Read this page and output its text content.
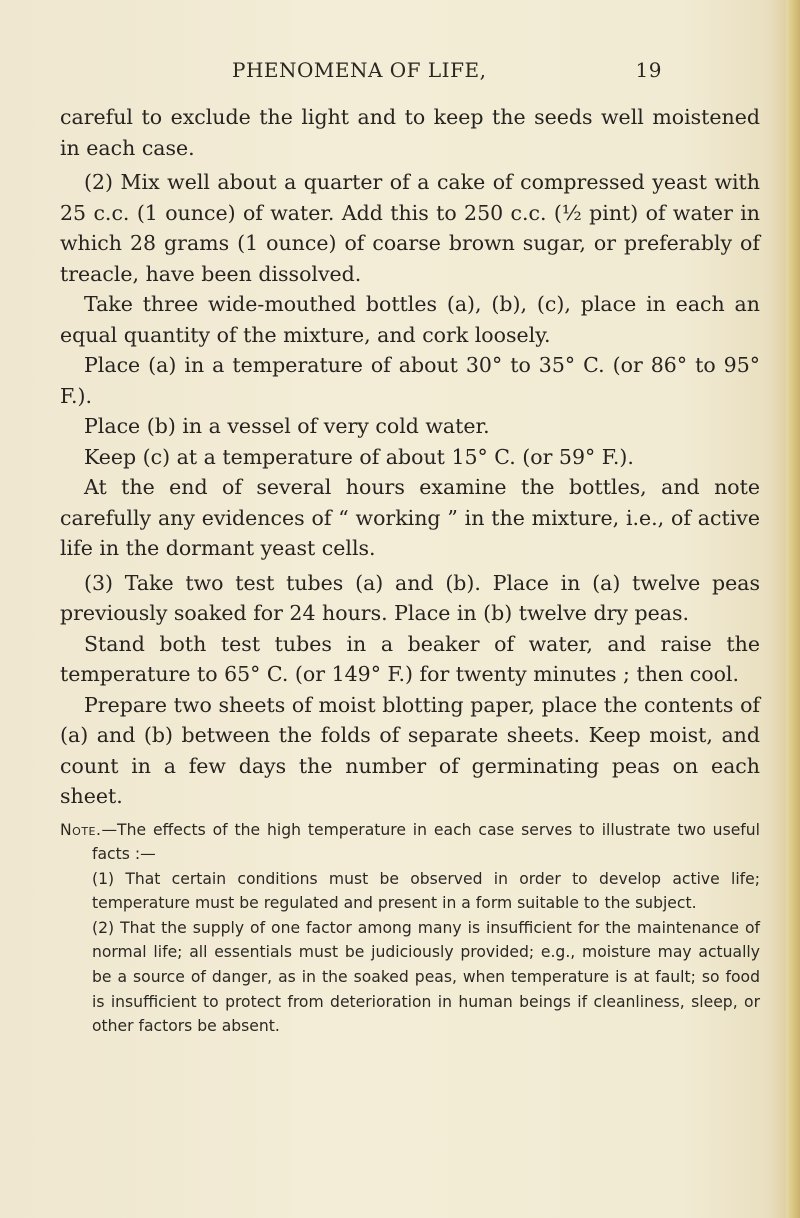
PHENOMENA OF LIFE,	19

careful to exclude the light and to keep the seeds well moistened in each case.

(2) Mix well about a quarter of a cake of compressed yeast with 25 c.c. (1 ounce) of water. Add this to 250 c.c. (½ pint) of water in which 28 grams (1 ounce) of coarse brown sugar, or preferably of treacle, have been dissolved.

Take three wide-mouthed bottles (a), (b), (c), place in each an equal quantity of the mixture, and cork loosely.

Place (a) in a temperature of about 30° to 35° C. (or 86° to 95° F.).

Place (b) in a vessel of very cold water.

Keep (c) at a temperature of about 15° C. (or 59° F.).

At the end of several hours examine the bottles, and note carefully any evidences of “ working ” in the mixture, i.e., of active life in the dormant yeast cells.

(3) Take two test tubes (a) and (b). Place in (a) twelve peas previously soaked for 24 hours. Place in (b) twelve dry peas.

Stand both test tubes in a beaker of water, and raise the temperature to 65° C. (or 149° F.) for twenty minutes ; then cool.

Prepare two sheets of moist blotting paper, place the contents of (a) and (b) between the folds of separate sheets. Keep moist, and count in a few days the number of germinating peas on each sheet.

Note.—The effects of the high temperature in each case serves to illustrate two useful facts :—

(1) That certain conditions must be observed in order to develop active life; temperature must be regulated and present in a form suitable to the subject.

(2) That the supply of one factor among many is insufficient for the maintenance of normal life; all essentials must be judiciously provided; e.g., moisture may actually be a source of danger, as in the soaked peas, when temperature is at fault; so food is insufficient to protect from deterioration in human beings if cleanliness, sleep, or other factors be absent.
